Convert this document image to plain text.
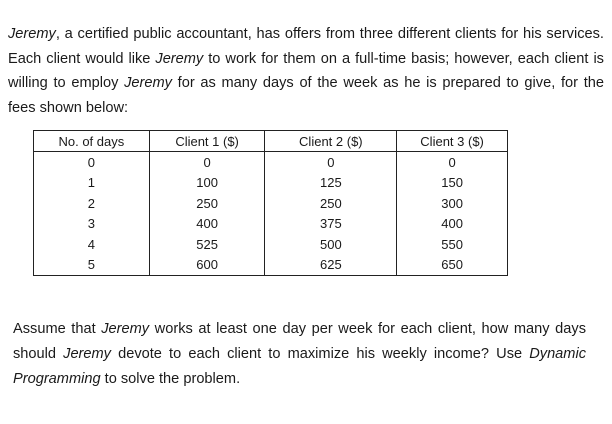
Jeremy, a certified public accountant, has offers from three different clients for his services. Each client would like Jeremy to work for them on a full-time basis; however, each client is willing to employ Jeremy for as many days of the week as he is prepared to give, for the fees shown below:

No. of days	Client 1 ($)	Client 2 ($)	Client 3 ($)
0	0	0	0
1	100	125	150
2	250	250	300
3	400	375	400
4	525	500	550
5	600	625	650

Assume that Jeremy works at least one day per week for each client, how many days should Jeremy devote to each client to maximize his weekly income? Use Dynamic Programming to solve the problem.
